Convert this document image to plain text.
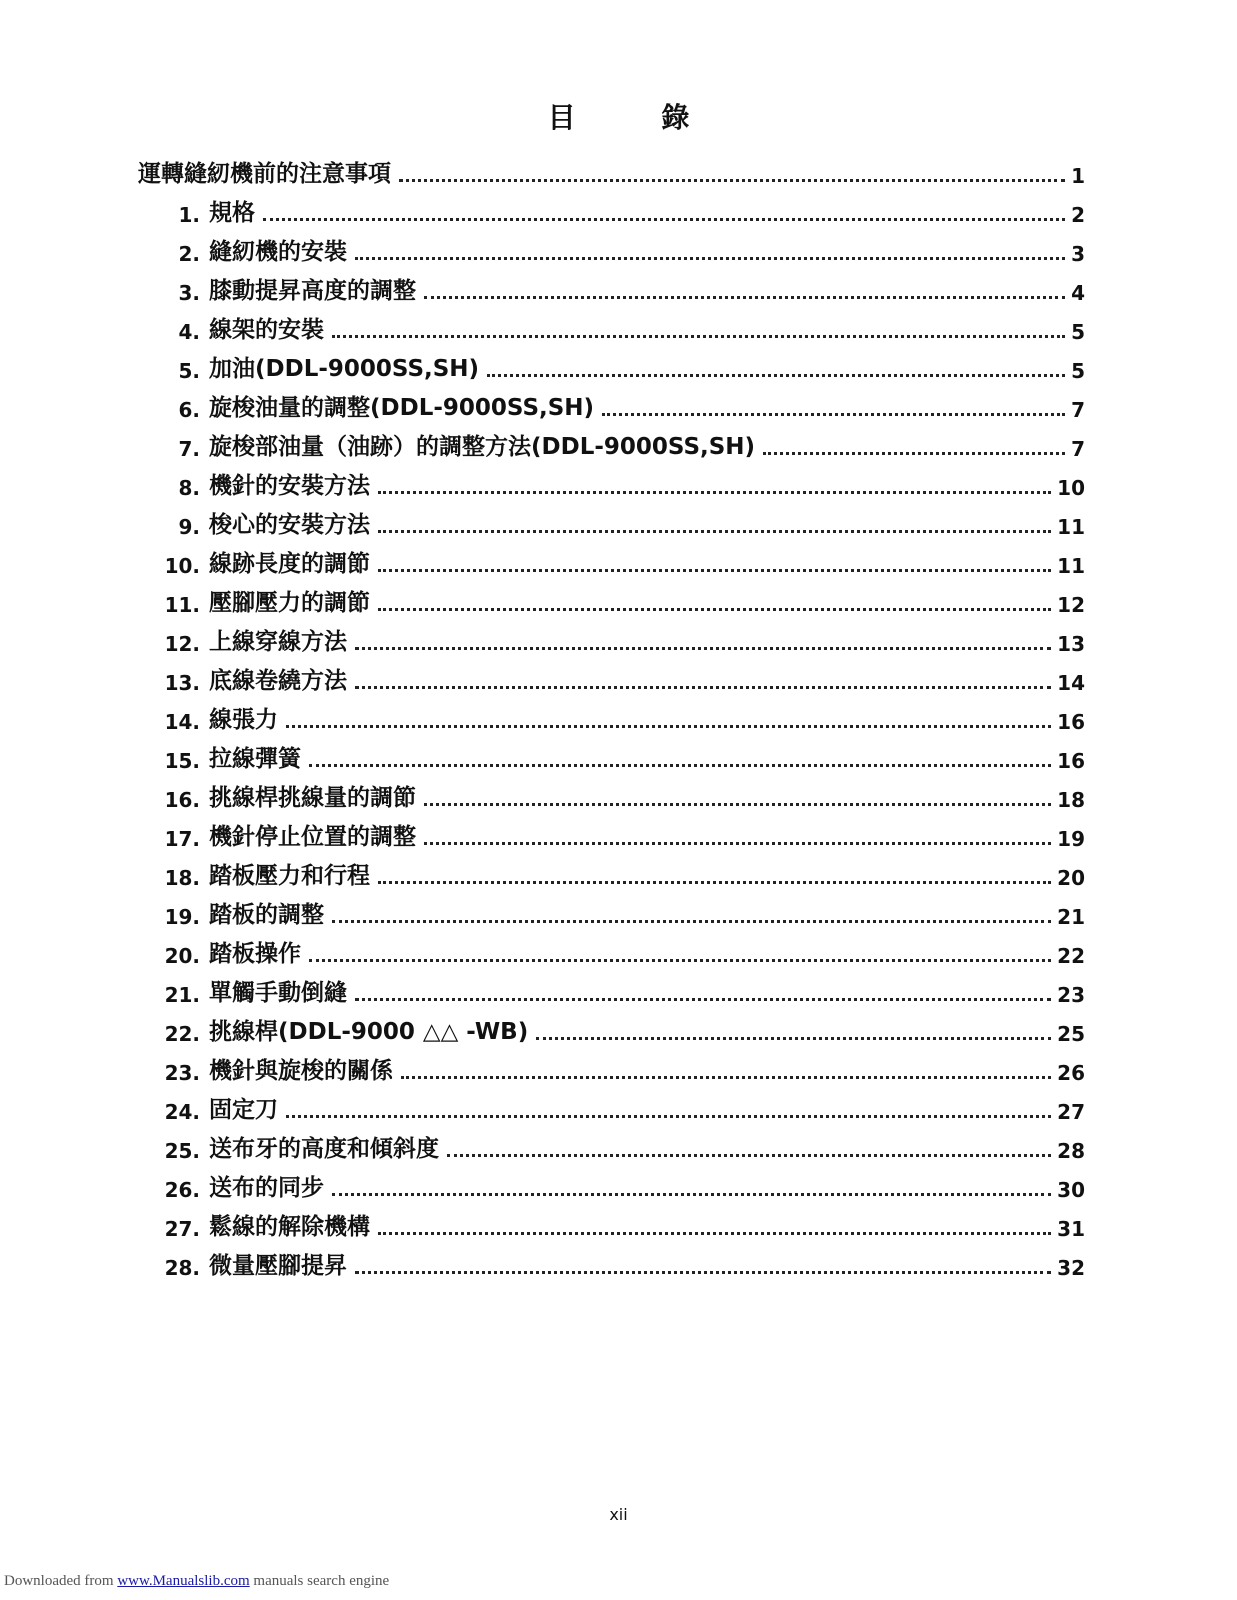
目 錄
運轉縫紉機前的注意事項	1
1. 規格	2
2. 縫紉機的安裝	3
3. 膝動提昇高度的調整	4
4. 線架的安裝	5
5. 加油(DDL-9000SS,SH)	5
6. 旋梭油量的調整(DDL-9000SS,SH)	7
7. 旋梭部油量（油跡）的調整方法(DDL-9000SS,SH)	7
8. 機針的安裝方法	10
9. 梭心的安裝方法	11
10. 線跡長度的調節	11
11. 壓腳壓力的調節	12
12. 上線穿線方法	13
13. 底線卷繞方法	14
14. 線張力	16
15. 拉線彈簧	16
16. 挑線桿挑線量的調節	18
17. 機針停止位置的調整	19
18. 踏板壓力和行程	20
19. 踏板的調整	21
20. 踏板操作	22
21. 單觸手動倒縫	23
22. 挑線桿(DDL-9000 △△ -WB)	25
23. 機針與旋梭的關係	26
24. 固定刀	27
25. 送布牙的高度和傾斜度	28
26. 送布的同步	30
27. 鬆線的解除機構	31
28. 微量壓腳提昇	32
xii
Downloaded from www.Manualslib.com manuals search engine
